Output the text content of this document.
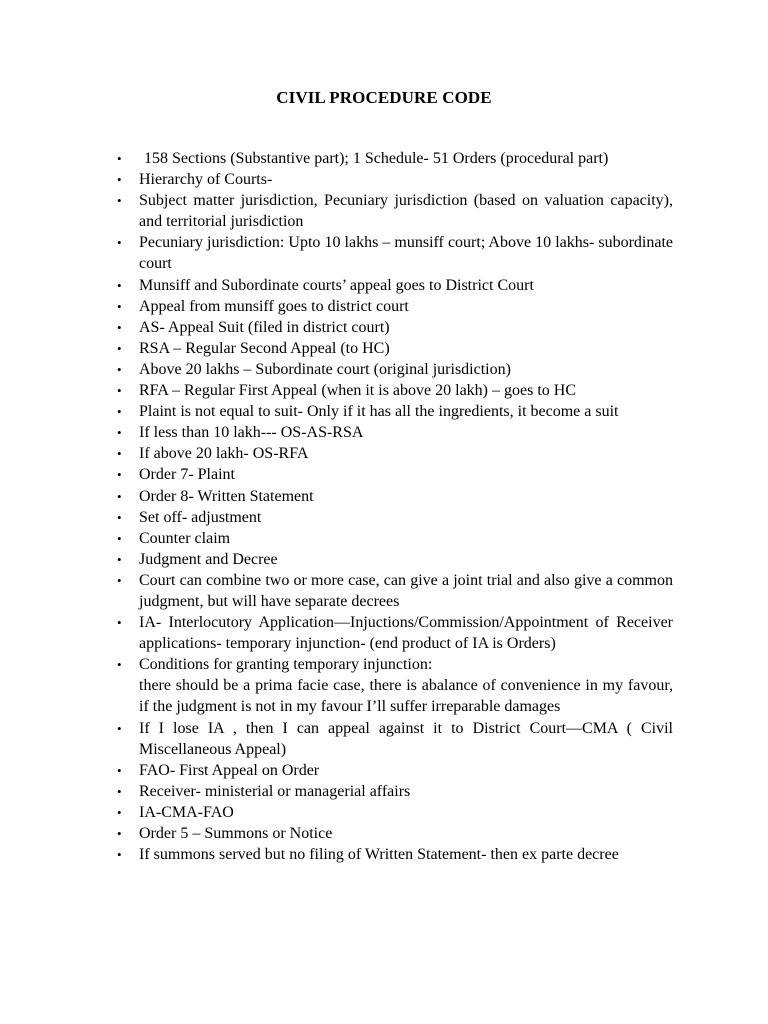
CIVIL PROCEDURE CODE
•	158 Sections (Substantive part); 1 Schedule- 51 Orders (procedural part)
•	Hierarchy of Courts-
•	Subject matter jurisdiction, Pecuniary jurisdiction (based on valuation capacity), and territorial jurisdiction
•	Pecuniary jurisdiction: Upto 10 lakhs – munsiff court; Above 10 lakhs- subordinate court
•	Munsiff and Subordinate courts’ appeal goes to District Court
•	Appeal from munsiff goes to district court
•	AS- Appeal Suit (filed in district court)
•	RSA – Regular Second Appeal (to HC)
•	Above 20 lakhs – Subordinate court (original jurisdiction)
•	RFA – Regular First Appeal (when it is above 20 lakh) – goes to HC
•	Plaint is not equal to suit- Only if it has all the ingredients, it become a suit
•	If less than 10 lakh--- OS-AS-RSA
•	If above 20 lakh- OS-RFA
•	Order 7- Plaint
•	Order 8- Written Statement
•	Set off- adjustment
•	Counter claim
•	Judgment and Decree
•	Court can combine two or more case, can give a joint trial and also give a common judgment, but will have separate decrees
•	IA- Interlocutory Application—Injuctions/Commission/Appointment of Receiver applications- temporary injunction- (end product of IA is Orders)
•	Conditions for granting temporary injunction:
there should be a prima facie case, there is abalance of convenience in my favour, if the judgment is not in my favour I’ll suffer irreparable damages
•	If I lose IA , then I can appeal against it to District Court—CMA ( Civil Miscellaneous Appeal)
•	FAO- First Appeal on Order
•	Receiver- ministerial or managerial affairs
•	IA-CMA-FAO
•	Order 5 – Summons or Notice
•	If summons served but no filing of Written Statement- then ex parte decree
